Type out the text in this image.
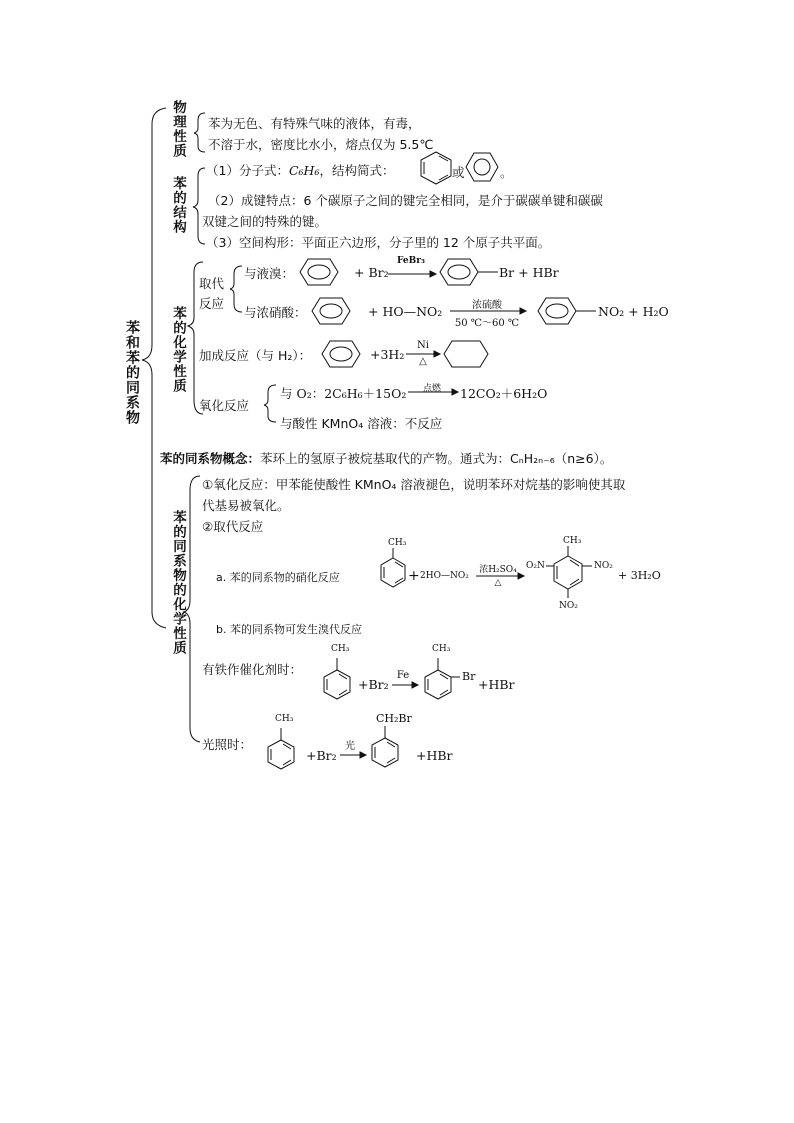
苯和苯的同系物
物理性质 苯为无色、有特殊气味的液体，有毒，
不溶于水，密度比水小，熔点仅为 5.5℃
苯的结构
（1）分子式：C₆H₆，结构简式：	或	。
（2）成键特点：6 个碳原子之间的键完全相同，是介于碳碳单键和碳碳
双键之间的特殊的键。
（3）空间构形：平面正六边形，分子里的 12 个原子共平面。
苯的化学性质
取代
反应
与液溴：	+ Br₂
FeBr₃
Br + HBr
与浓硝酸：	+ HO—NO₂	浓硫酸
50 ℃～60 ℃
NO₂ + H₂O
加成反应（与 H₂）：	+3H₂
Ni
△
氧化反应
与 O₂：2C₆H₆＋15O₂	点燃	12CO₂＋6H₂O
与酸性 KMnO₄ 溶液：不反应
苯的同系物概念：苯环上的氢原子被烷基取代的产物。通式为：CₙH₂ₙ₋₆（n≥6）。
苯的同系物的化学性质
①氧化反应：甲苯能使酸性 KMnO₄ 溶液褪色，说明苯环对烷基的影响使其取
代基易被氧化。
②取代反应
a. 苯的同系物的硝化反应
CH₃
+ 2HO—NO₂
浓H₂SO₄
△
CH₃
O₂N	NO₂
NO₂
+ 3H₂O
b. 苯的同系物可发生溴代反应
有铁作催化剂时：
CH₃
+Br₂
Fe
CH₃
Br
+HBr
光照时：
CH₃
+Br₂
光
CH₂Br
+HBr
